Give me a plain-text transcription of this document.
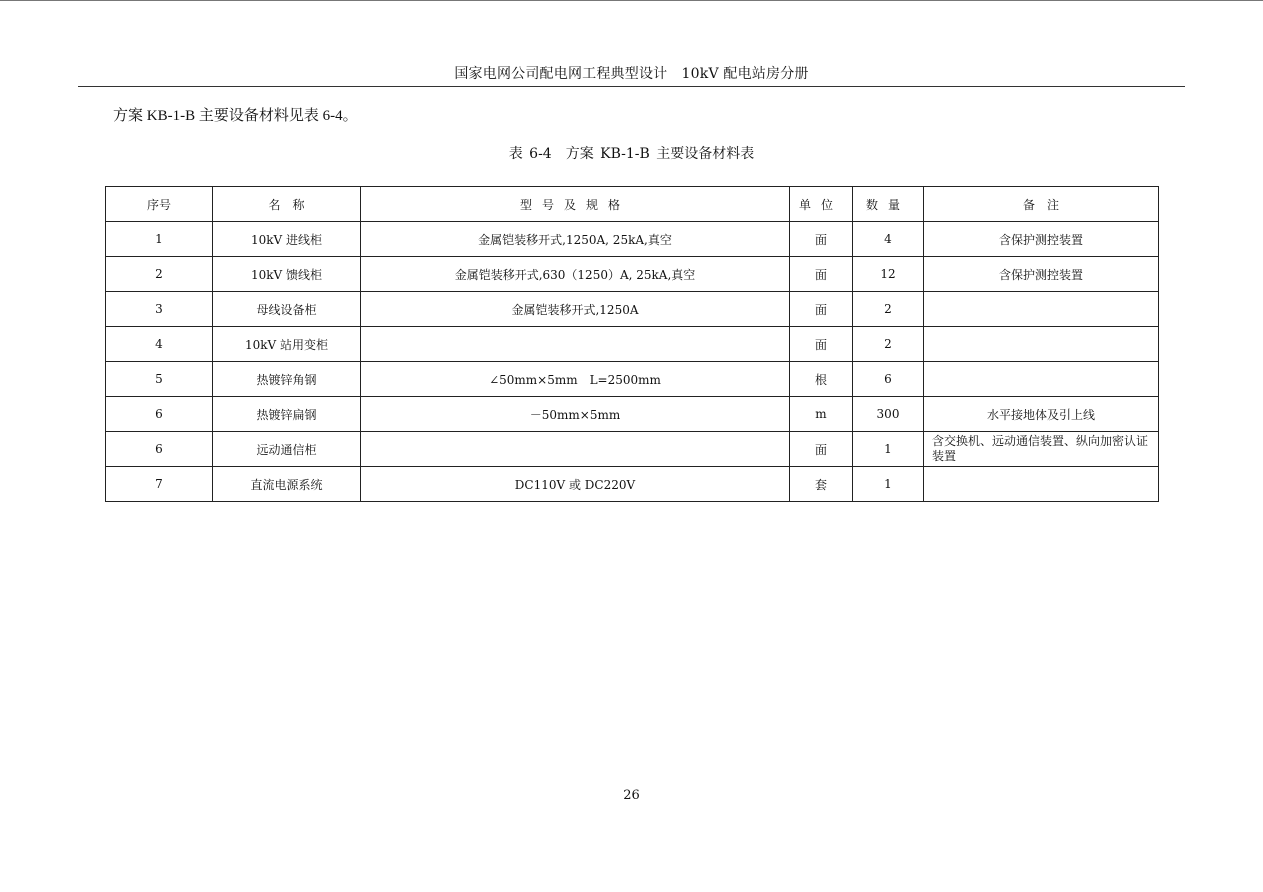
国家电网公司配电网工程典型设计　10kV 配电站房分册
方案 KB-1-B 主要设备材料见表 6-4。
表 6-4　方案 KB-1-B 主要设备材料表
序号	名　称	型号及规格	单位	数量	备　注
1	10kV 进线柜	金属铠装移开式,1250A, 25kA,真空	面	4	含保护测控装置
2	10kV 馈线柜	金属铠装移开式,630（1250）A, 25kA,真空	面	12	含保护测控装置
3	母线设备柜	金属铠装移开式,1250A	面	2	
4	10kV 站用变柜		面	2	
5	热镀锌角钢	∠50mm×5mm　L=2500mm	根	6	
6	热镀锌扁钢	－50mm×5mm	m	300	水平接地体及引上线
6	远动通信柜		面	1	含交换机、远动通信装置、纵向加密认证装置
7	直流电源系统	DC110V 或 DC220V	套	1	
26
